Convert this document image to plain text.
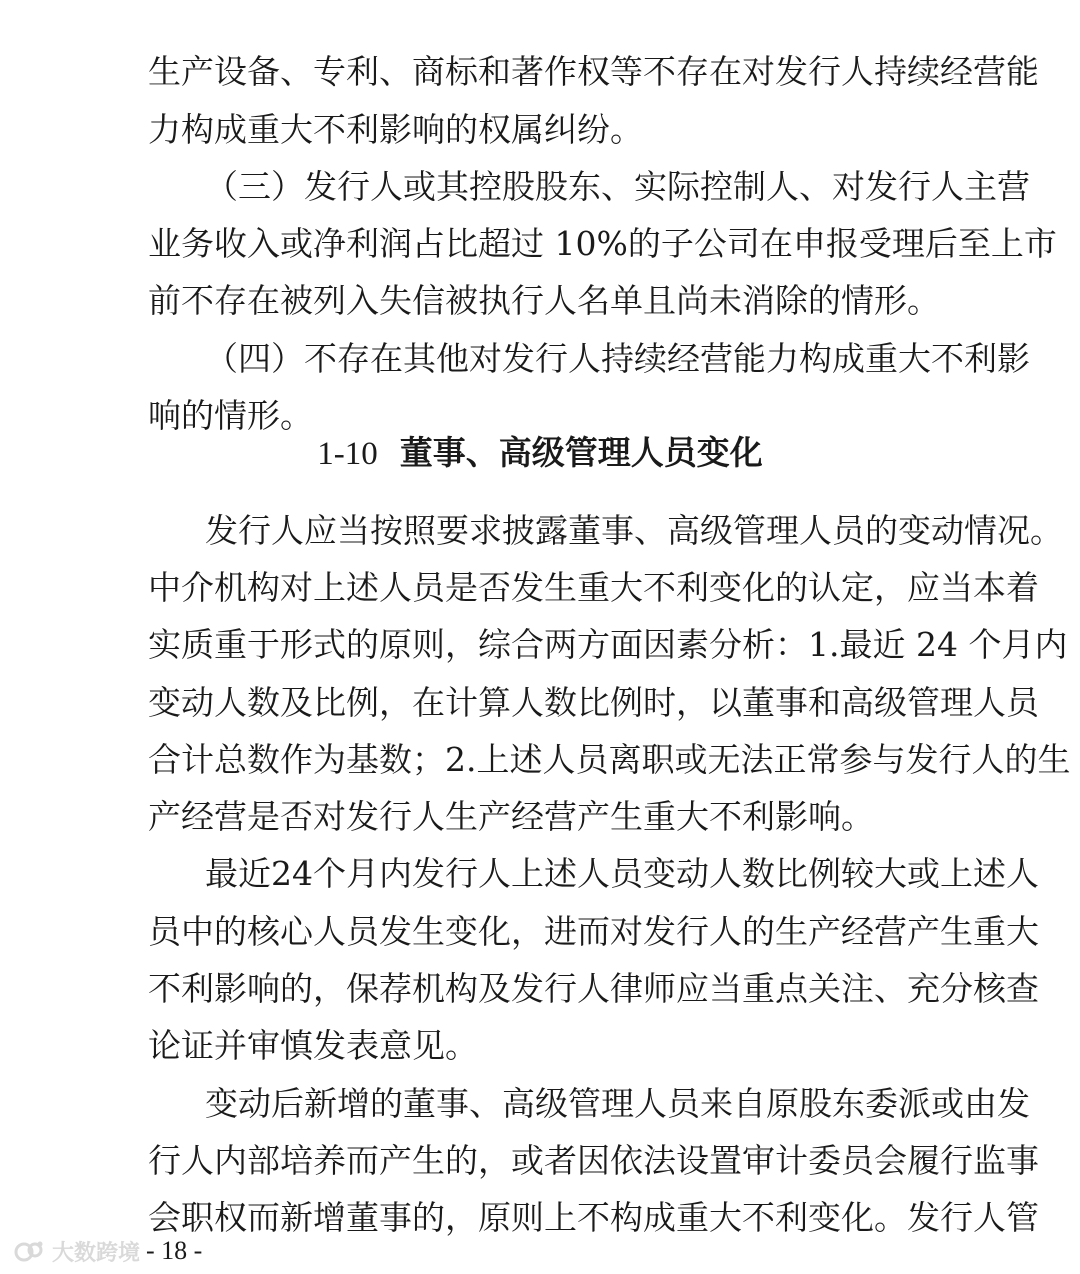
生产设备、专利、商标和著作权等不存在对发行人持续经营能
力构成重大不利影响的权属纠纷。
（三）发行人或其控股股东、实际控制人、对发行人主营
业务收入或净利润占比超过 10%的子公司在申报受理后至上市
前不存在被列入失信被执行人名单且尚未消除的情形。
（四）不存在其他对发行人持续经营能力构成重大不利影
响的情形。
1-10 董事、高级管理人员变化
发行人应当按照要求披露董事、高级管理人员的变动情况。
中介机构对上述人员是否发生重大不利变化的认定，应当本着
实质重于形式的原则，综合两方面因素分析：1.最近 24 个月内
变动人数及比例，在计算人数比例时，以董事和高级管理人员
合计总数作为基数；2.上述人员离职或无法正常参与发行人的生
产经营是否对发行人生产经营产生重大不利影响。
最近24个月内发行人上述人员变动人数比例较大或上述人
员中的核心人员发生变化，进而对发行人的生产经营产生重大
不利影响的，保荐机构及发行人律师应当重点关注、充分核查
论证并审慎发表意见。
变动后新增的董事、高级管理人员来自原股东委派或由发
行人内部培养而产生的，或者因依法设置审计委员会履行监事
会职权而新增董事的，原则上不构成重大不利变化。发行人管
大数跨境 - 18 -
